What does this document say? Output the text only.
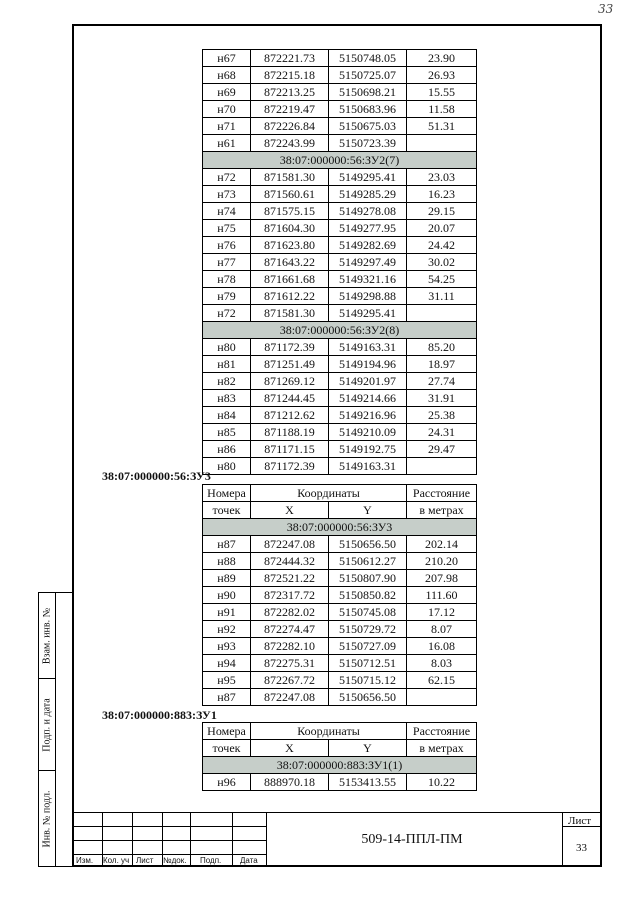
33
Взам. инв. №
Подп. и дата
Инв. № подл.
н67	872221.73	5150748.05	23.90
н68	872215.18	5150725.07	26.93
н69	872213.25	5150698.21	15.55
н70	872219.47	5150683.96	11.58
н71	872226.84	5150675.03	51.31
н61	872243.99	5150723.39	
38:07:000000:56:ЗУ2(7)			
н72	871581.30	5149295.41	23.03
н73	871560.61	5149285.29	16.23
н74	871575.15	5149278.08	29.15
н75	871604.30	5149277.95	20.07
н76	871623.80	5149282.69	24.42
н77	871643.22	5149297.49	30.02
н78	871661.68	5149321.16	54.25
н79	871612.22	5149298.88	31.11
н72	871581.30	5149295.41	
38:07:000000:56:ЗУ2(8)			
н80	871172.39	5149163.31	85.20
н81	871251.49	5149194.96	18.97
н82	871269.12	5149201.97	27.74
н83	871244.45	5149214.66	31.91
н84	871212.62	5149216.96	25.38
н85	871188.19	5149210.09	24.31
н86	871171.15	5149192.75	29.47
н80	871172.39	5149163.31	
38:07:000000:56:ЗУ3
Номера	Координаты		Расстояние
точек	X	Y	в метрах
38:07:000000:56:ЗУ3			
н87	872247.08	5150656.50	202.14
н88	872444.32	5150612.27	210.20
н89	872521.22	5150807.90	207.98
н90	872317.72	5150850.82	111.60
н91	872282.02	5150745.08	17.12
н92	872274.47	5150729.72	8.07
н93	872282.10	5150727.09	16.08
н94	872275.31	5150712.51	8.03
н95	872267.72	5150715.12	62.15
н87	872247.08	5150656.50	
38:07:000000:883:ЗУ1
Номера	Координаты		Расстояние
точек	X	Y	в метрах
38:07:000000:883:ЗУ1(1)			
н96	888970.18	5153413.55	10.22
Изм. Кол. уч Лист №док. Подп. Дата
509-14-ППЛ-ПМ
Лист
33
